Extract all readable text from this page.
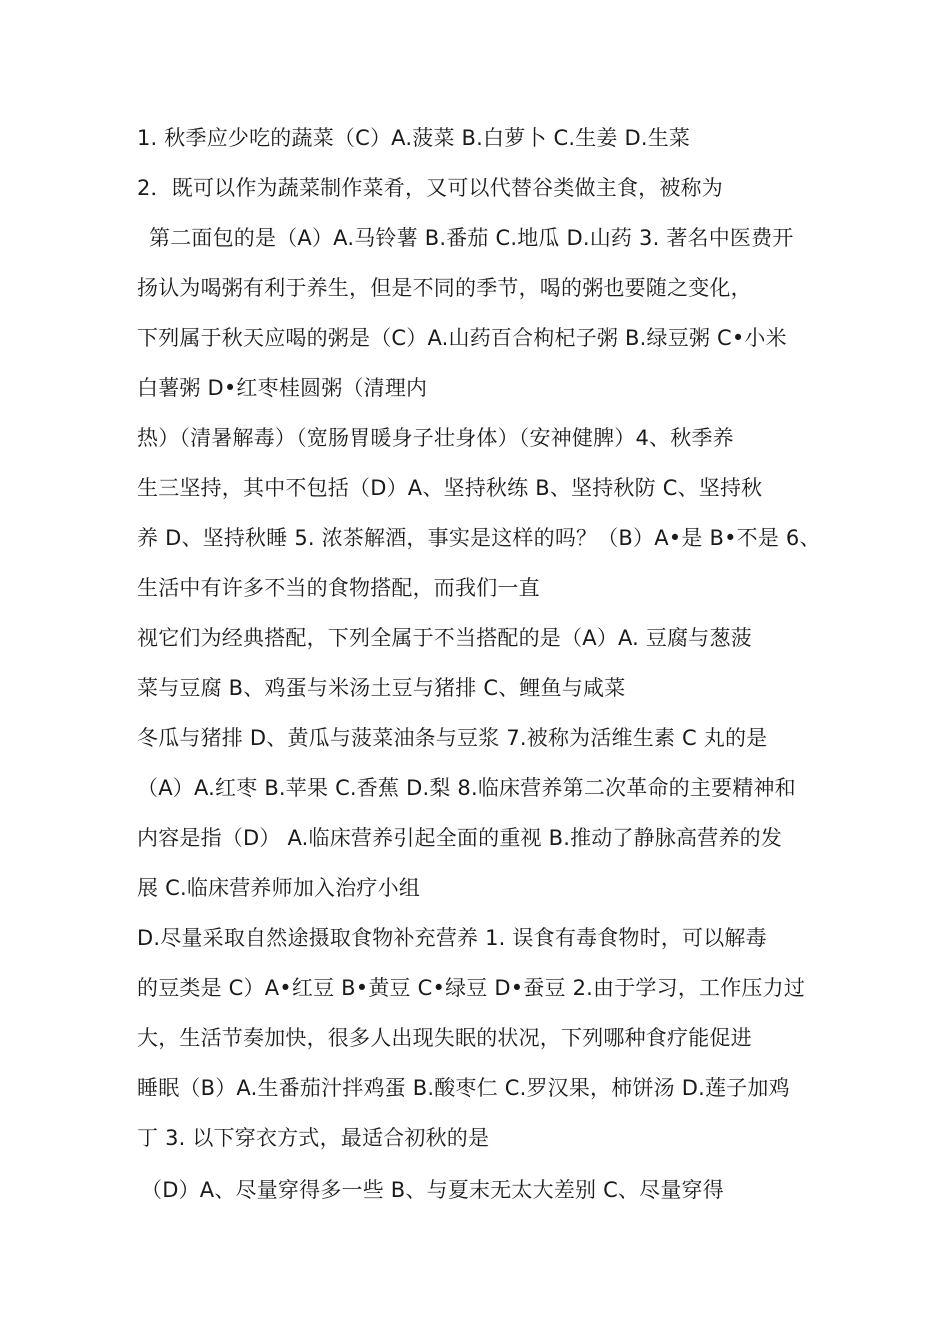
1. 秋季应少吃的蔬菜（C）A.菠菜 B.白萝卜 C.生姜 D.生菜
2．既可以作为蔬菜制作菜肴，又可以代替谷类做主食，被称为
第二面包的是（A）A.马铃薯 B.番茄 C.地瓜 D.山药 3. 著名中医费开
扬认为喝粥有利于养生，但是不同的季节，喝的粥也要随之变化，
下列属于秋天应喝的粥是（C）A.山药百合枸杞子粥 B.绿豆粥 C•小米
白薯粥 D•红枣桂圆粥（清理内
热）（清暑解毒）（宽肠胃暖身子壮身体）（安神健脾）4、秋季养
生三坚持，其中不包括（D）A、坚持秋练 B、坚持秋防 C、坚持秋
养 D、坚持秋睡 5. 浓茶解酒，事实是这样的吗？（B）A•是 B•不是 6、
生活中有许多不当的食物搭配，而我们一直
视它们为经典搭配，下列全属于不当搭配的是（A）A. 豆腐与葱菠
菜与豆腐 B、鸡蛋与米汤土豆与猪排 C、鲤鱼与咸菜
冬瓜与猪排 D、黄瓜与菠菜油条与豆浆 7.被称为活维生素 C 丸的是
（A）A.红枣 B.苹果 C.香蕉 D.梨 8.临床营养第二次革命的主要精神和
内容是指（D） A.临床营养引起全面的重视 B.推动了静脉高营养的发
展 C.临床营养师加入治疗小组
D.尽量采取自然途摄取食物补充营养 1. 误食有毒食物时，可以解毒
的豆类是 C）A•红豆 B•黄豆 C•绿豆 D•蚕豆 2.由于学习，工作压力过
大，生活节奏加快，很多人出现失眠的状况，下列哪种食疗能促进
睡眠（B）A.生番茄汁拌鸡蛋 B.酸枣仁 C.罗汉果，柿饼汤 D.莲子加鸡
丁 3. 以下穿衣方式，最适合初秋的是
（D）A、尽量穿得多一些 B、与夏末无太大差别 C、尽量穿得
